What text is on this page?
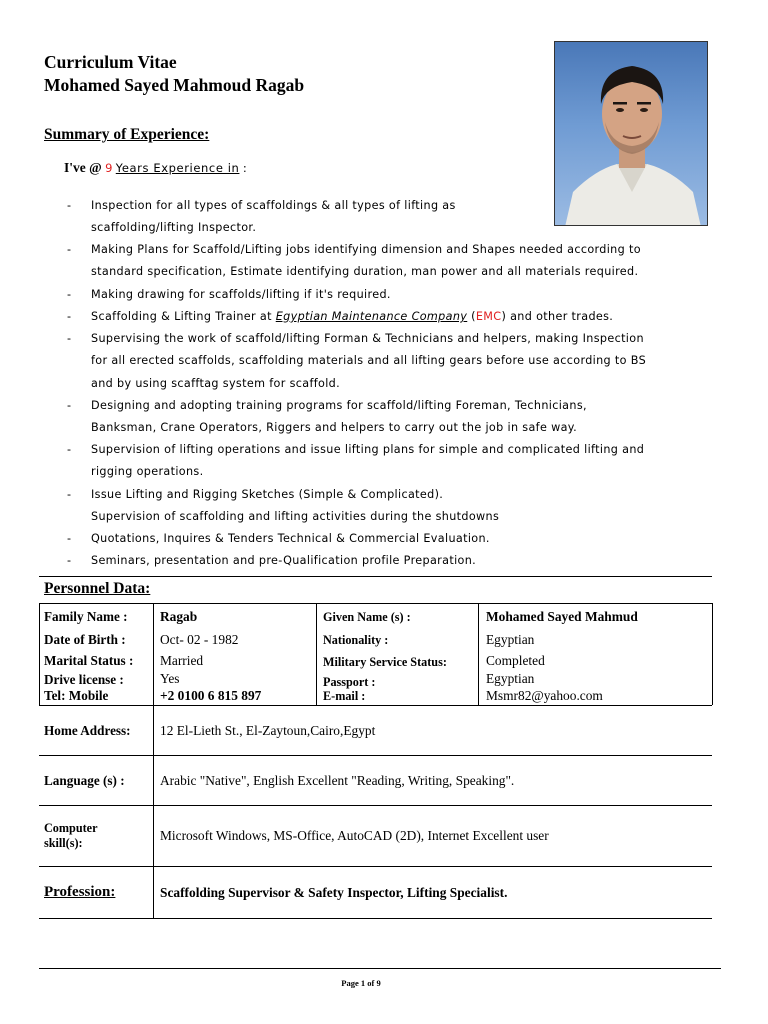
Curriculum Vitae
Mohamed Sayed Mahmoud Ragab
Summary of Experience:
I've @ 9 Years Experience in :
- Inspection for all types of scaffoldings & all types of lifting as
scaffolding/lifting Inspector.
- Making Plans for Scaffold/Lifting jobs identifying dimension and Shapes needed according to
standard specification, Estimate identifying duration, man power and all materials required.
- Making drawing for scaffolds/lifting if it's required.
- Scaffolding & Lifting Trainer at Egyptian Maintenance Company (EMC) and other trades.
- Supervising the work of scaffold/lifting Forman & Technicians and helpers, making Inspection
for all erected scaffolds, scaffolding materials and all lifting gears before use according to BS
and by using scafftag system for scaffold.
- Designing and adopting training programs for scaffold/lifting Foreman, Technicians,
Banksman, Crane Operators, Riggers and helpers to carry out the job in safe way.
- Supervision of lifting operations and issue lifting plans for simple and complicated lifting and
rigging operations.
- Issue Lifting and Rigging Sketches (Simple & Complicated).
Supervision of scaffolding and lifting activities during the shutdowns
- Quotations, Inquires & Tenders Technical & Commercial Evaluation.
- Seminars, presentation and pre-Qualification profile Preparation.
Personnel Data:
Family Name : Ragab	Given Name (s) :	Mohamed Sayed Mahmud
Date of Birth :	Oct- 02 - 1982	Nationality :	Egyptian
Marital Status : Married	Military Service Status:	Completed
Drive license :	Yes	Passport :	Egyptian
Tel: Mobile	+2 0100 6 815 897	E-mail :	Msmr82@yahoo.com
Home Address: 12 El-Lieth St., El-Zaytoun,Cairo,Egypt
Language (s) :	Arabic "Native", English Excellent "Reading, Writing, Speaking".
Computer
skill(s):	Microsoft Windows, MS-Office, AutoCAD (2D), Internet Excellent user
Profession:	Scaffolding Supervisor & Safety Inspector, Lifting Specialist.
Page 1 of 9
